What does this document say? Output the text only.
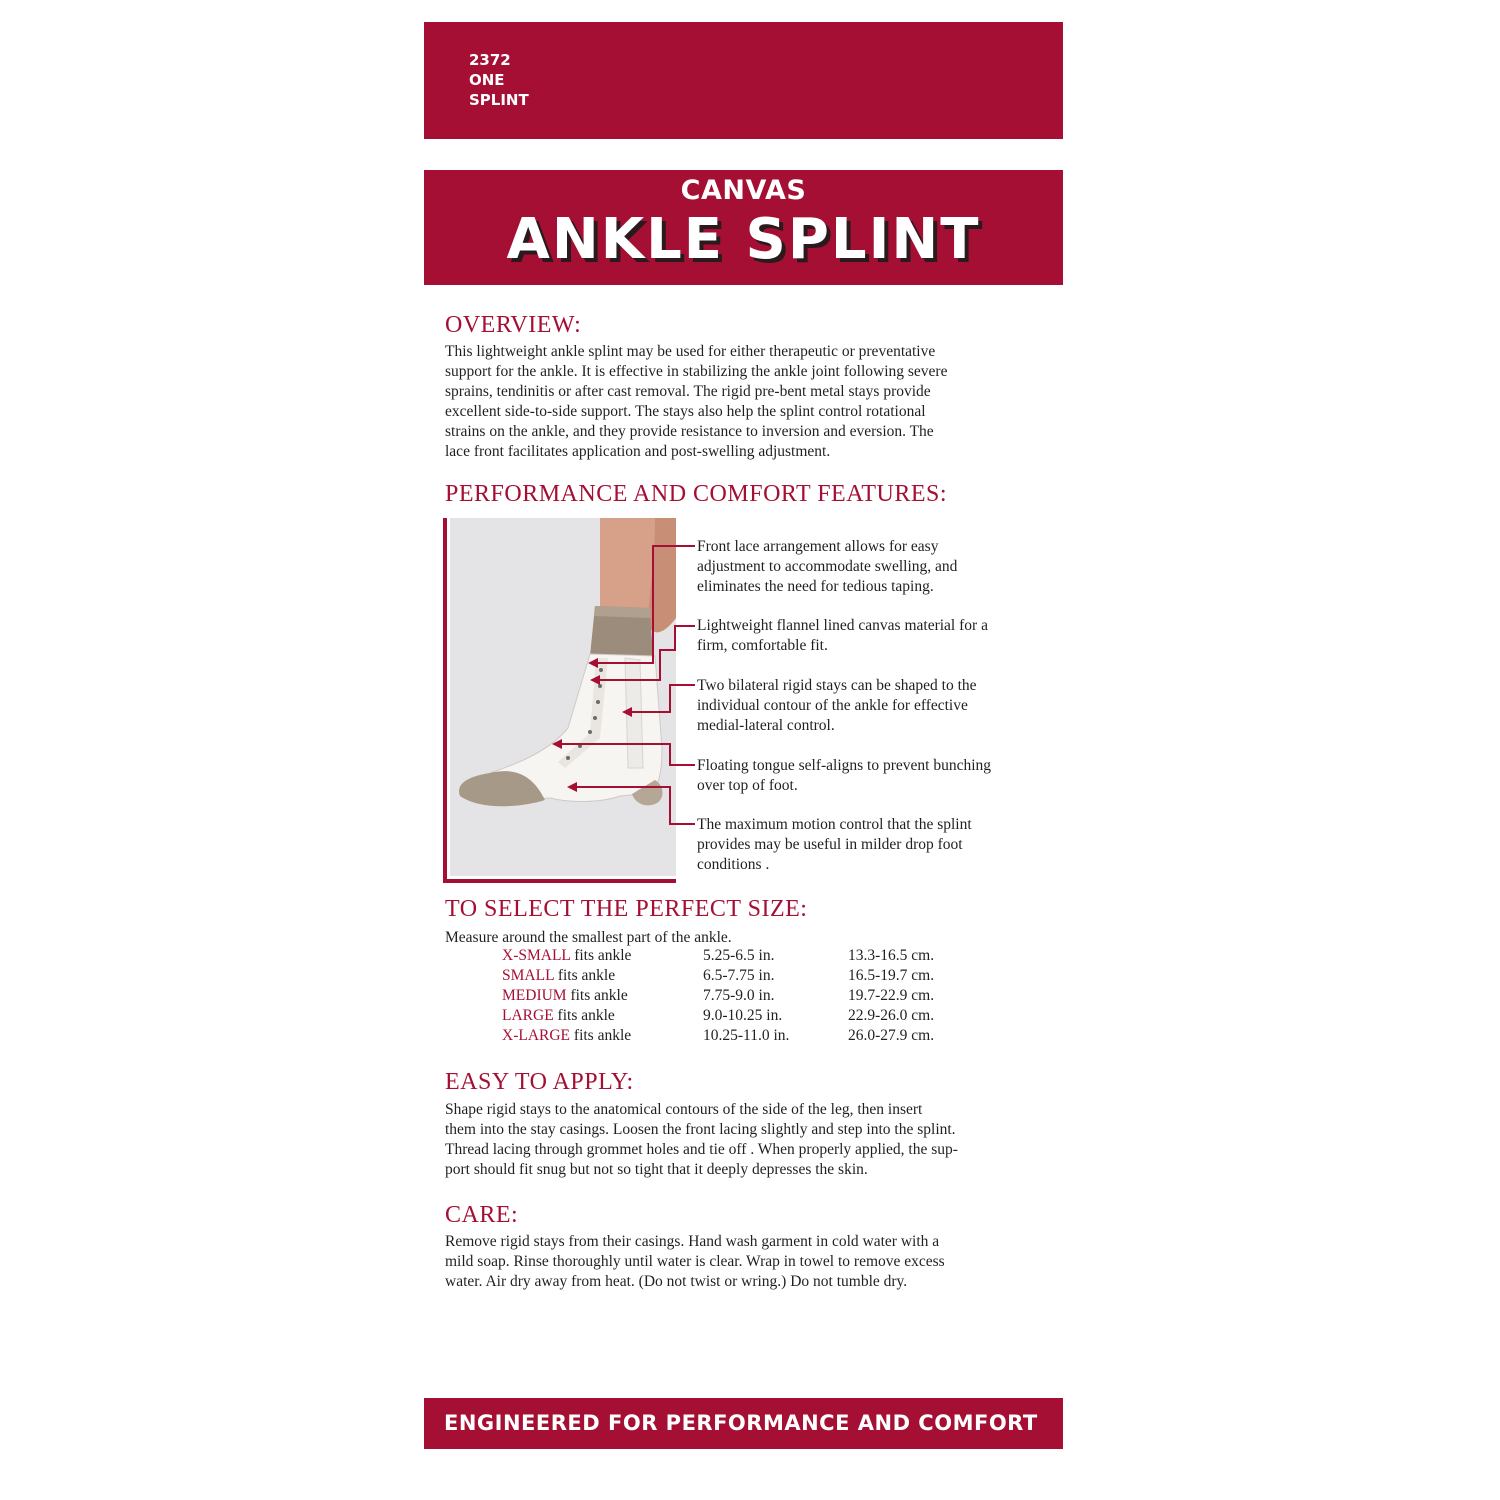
2372
ONE
SPLINT
CANVAS
ANKLE SPLINT
OVERVIEW:
This lightweight ankle splint may be used for either therapeutic or preventative
support for the ankle. It is effective in stabilizing the ankle joint following severe
sprains, tendinitis or after cast removal. The rigid pre-bent metal stays provide
excellent side-to-side support. The stays also help the splint control rotational
strains on the ankle, and they provide resistance to inversion and eversion. The
lace front facilitates application and post-swelling adjustment.
PERFORMANCE AND COMFORT FEATURES:
Front lace arrangement allows for easy
adjustment to accommodate swelling, and
eliminates the need for tedious taping.
Lightweight flannel lined canvas material for a
firm, comfortable fit.
Two bilateral rigid stays can be shaped to the
individual contour of the ankle for effective
medial-lateral control.
Floating tongue self-aligns to prevent bunching
over top of foot.
The maximum motion control that the splint
provides may be useful in milder drop foot
conditions .
TO SELECT THE PERFECT SIZE:
Measure around the smallest part of the ankle.
X-SMALL fits ankle	5.25-6.5 in.	13.3-16.5 cm.
SMALL fits ankle	6.5-7.75 in.	16.5-19.7 cm.
MEDIUM fits ankle	7.75-9.0 in.	19.7-22.9 cm.
LARGE fits ankle	9.0-10.25 in.	22.9-26.0 cm.
X-LARGE fits ankle	10.25-11.0 in.	26.0-27.9 cm.
EASY TO APPLY:
Shape rigid stays to the anatomical contours of the side of the leg, then insert
them into the stay casings. Loosen the front lacing slightly and step into the splint.
Thread lacing through grommet holes and tie off . When properly applied, the sup-
port should fit snug but not so tight that it deeply depresses the skin.
CARE:
Remove rigid stays from their casings. Hand wash garment in cold water with a
mild soap. Rinse thoroughly until water is clear. Wrap in towel to remove excess
water. Air dry away from heat. (Do not twist or wring.) Do not tumble dry.
ENGINEERED FOR PERFORMANCE AND COMFORT
